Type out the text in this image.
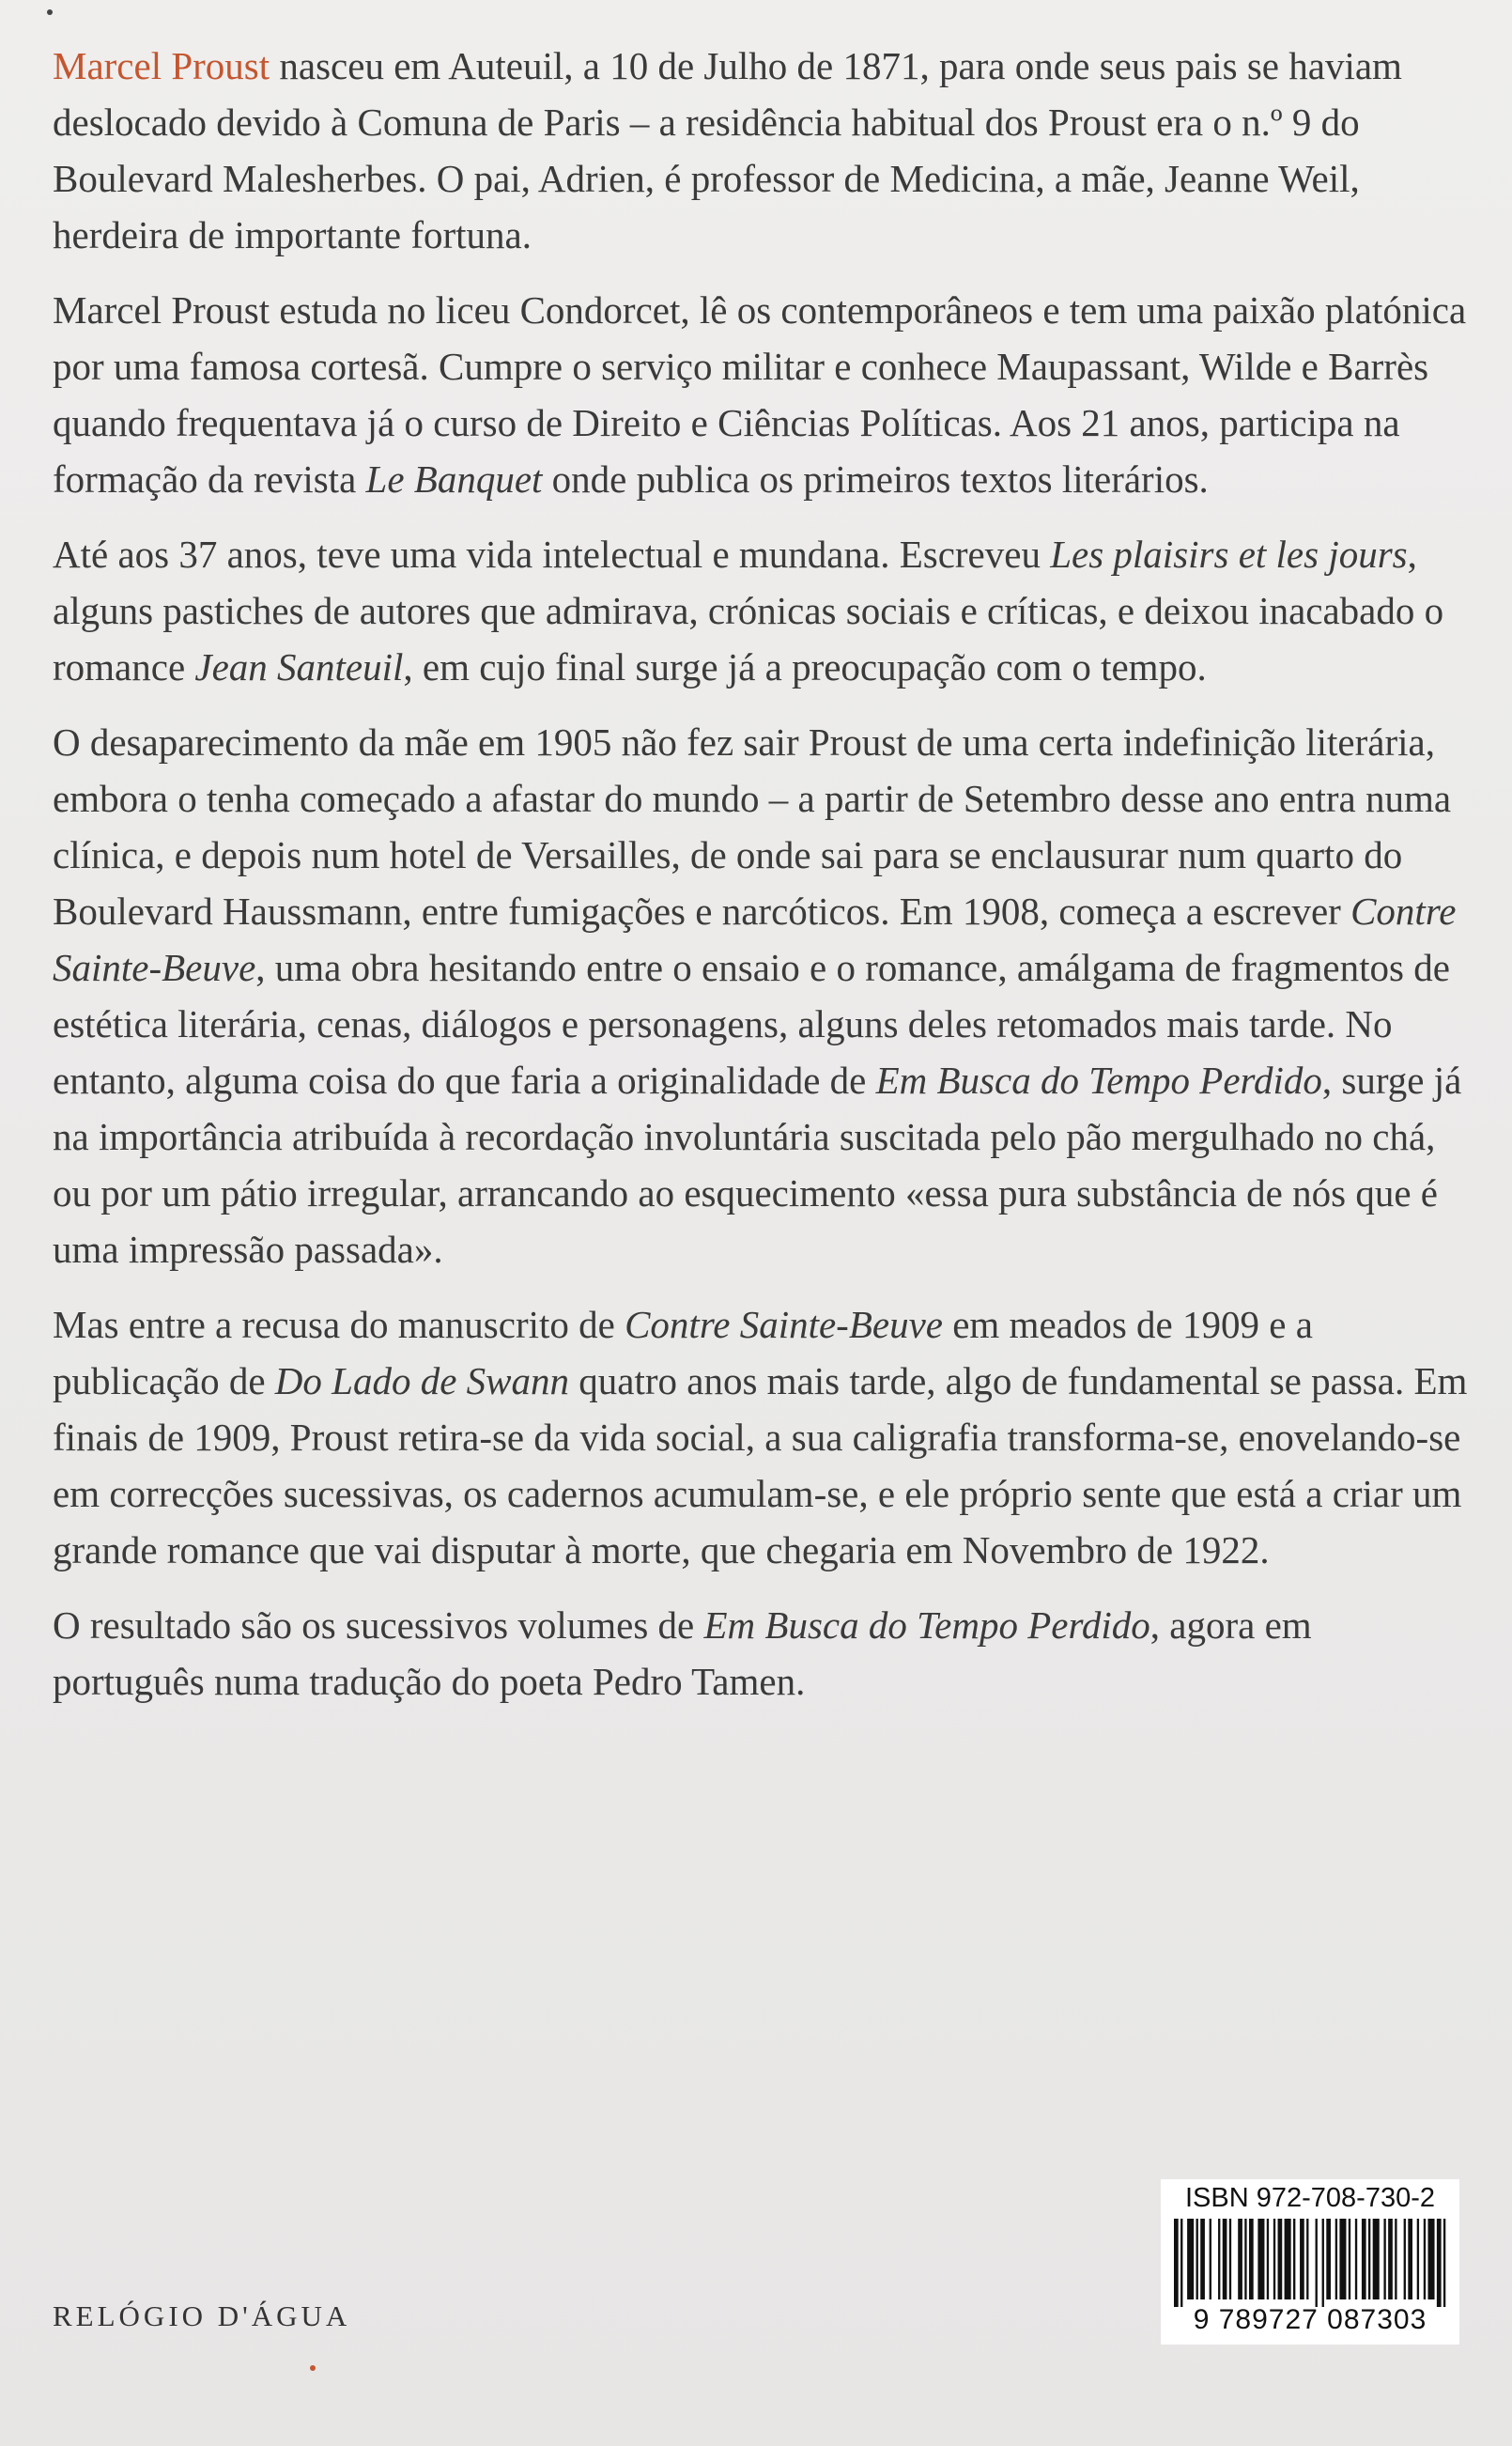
Marcel Proust nasceu em Auteuil, a 10 de Julho de 1871, para onde seus pais se haviam deslocado devido à Comuna de Paris – a residência habitual dos Proust era o n.º 9 do Boulevard Malesherbes. O pai, Adrien, é professor de Medicina, a mãe, Jeanne Weil, herdeira de importante fortuna.

Marcel Proust estuda no liceu Condorcet, lê os contemporâneos e tem uma paixão platónica por uma famosa cortesã. Cumpre o serviço militar e conhece Maupassant, Wilde e Barrès quando frequentava já o curso de Direito e Ciências Políticas. Aos 21 anos, participa na formação da revista Le Banquet onde publica os primeiros textos literários.

Até aos 37 anos, teve uma vida intelectual e mundana. Escreveu Les plaisirs et les jours, alguns pastiches de autores que admirava, crónicas sociais e críticas, e deixou inacabado o romance Jean Santeuil, em cujo final surge já a preocupação com o tempo.

O desaparecimento da mãe em 1905 não fez sair Proust de uma certa indefinição literária, embora o tenha começado a afastar do mundo – a partir de Setembro desse ano entra numa clínica, e depois num hotel de Versailles, de onde sai para se enclausurar num quarto do Boulevard Haussmann, entre fumigações e narcóticos. Em 1908, começa a escrever Contre Sainte-Beuve, uma obra hesitando entre o ensaio e o romance, amálgama de fragmentos de estética literária, cenas, diálogos e personagens, alguns deles retomados mais tarde. No entanto, alguma coisa do que faria a originalidade de Em Busca do Tempo Perdido, surge já na importância atribuída à recordação involuntária suscitada pelo pão mergulhado no chá, ou por um pátio irregular, arrancando ao esquecimento «essa pura substância de nós que é uma impressão passada».

Mas entre a recusa do manuscrito de Contre Sainte-Beuve em meados de 1909 e a publicação de Do Lado de Swann quatro anos mais tarde, algo de fundamental se passa. Em finais de 1909, Proust retira-se da vida social, a sua caligrafia transforma-se, enovelando-se em correcções sucessivas, os cadernos acumulam-se, e ele próprio sente que está a criar um grande romance que vai disputar à morte, que chegaria em Novembro de 1922.

O resultado são os sucessivos volumes de Em Busca do Tempo Perdido, agora em português numa tradução do poeta Pedro Tamen.

RELÓGIO D'ÁGUA
ISBN 972-708-730-2
9 789727 087303
